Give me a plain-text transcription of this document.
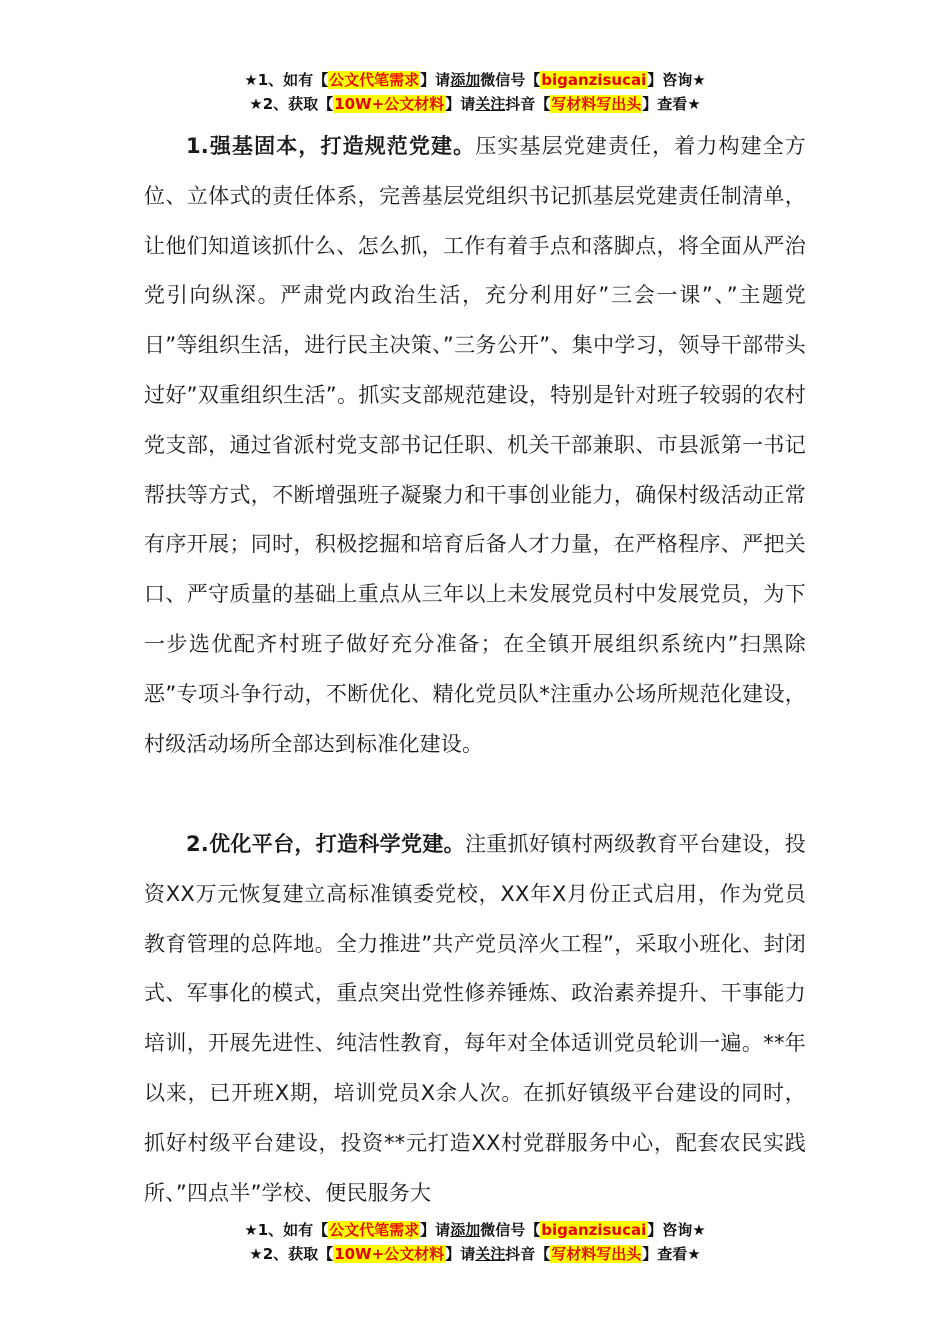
★1、如有【公文代笔需求】请添加微信号【biganzisucai】咨询★
★2、获取【10W+公文材料】请关注抖音【写材料写出头】查看★

1.强基固本，打造规范党建。压实基层党建责任，着力构建全方位、立体式的责任体系，完善基层党组织书记抓基层党建责任制清单，让他们知道该抓什么、怎么抓，工作有着手点和落脚点，将全面从严治党引向纵深。严肃党内政治生活，充分利用好”三会一课”、”主题党日”等组织生活，进行民主决策、”三务公开”、集中学习，领导干部带头过好”双重组织生活”。抓实支部规范建设，特别是针对班子较弱的农村党支部，通过省派村党支部书记任职、机关干部兼职、市县派第一书记帮扶等方式，不断增强班子凝聚力和干事创业能力，确保村级活动正常有序开展；同时，积极挖掘和培育后备人才力量，在严格程序、严把关口、严守质量的基础上重点从三年以上未发展党员村中发展党员，为下一步选优配齐村班子做好充分准备；在全镇开展组织系统内”扫黑除恶”专项斗争行动，不断优化、精化党员队*注重办公场所规范化建设，村级活动场所全部达到标准化建设。

2.优化平台，打造科学党建。注重抓好镇村两级教育平台建设，投资XX万元恢复建立高标准镇委党校，XX年X月份正式启用，作为党员教育管理的总阵地。全力推进”共产党员淬火工程”，采取小班化、封闭式、军事化的模式，重点突出党性修养锤炼、政治素养提升、干事能力培训，开展先进性、纯洁性教育，每年对全体适训党员轮训一遍。**年以来，已开班X期，培训党员X余人次。在抓好镇级平台建设的同时，抓好村级平台建设，投资**元打造XX村党群服务中心，配套农民实践所、”四点半”学校、便民服务大

★1、如有【公文代笔需求】请添加微信号【biganzisucai】咨询★
★2、获取【10W+公文材料】请关注抖音【写材料写出头】查看★
